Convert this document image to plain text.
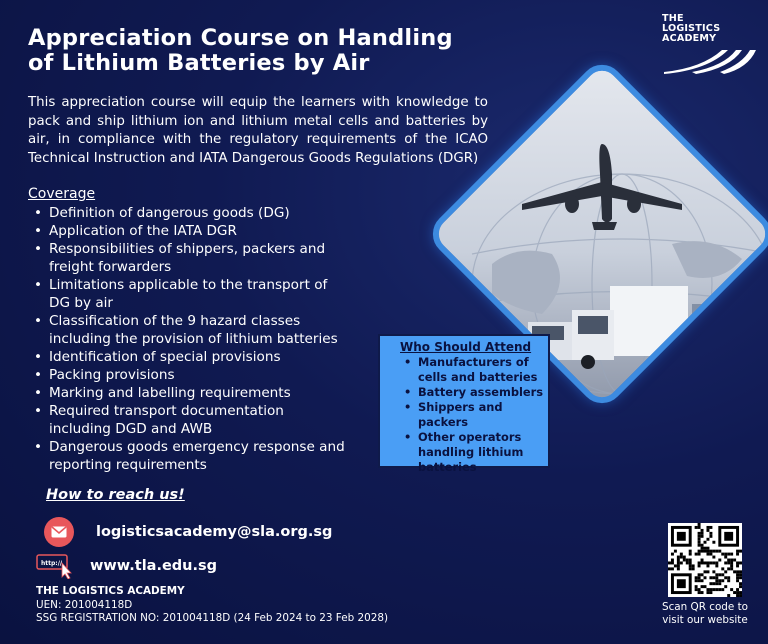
THE
LOGISTICS
ACADEMY
Appreciation Course on Handling of Lithium Batteries by Air

This appreciation course will equip the learners with knowledge to pack and ship lithium ion and lithium metal cells and batteries by air, in compliance with the regulatory requirements of the ICAO Technical Instruction and IATA Dangerous Goods Regulations (DGR)

Coverage
• Definition of dangerous goods (DG)
• Application of the IATA DGR
• Responsibilities of shippers, packers and freight forwarders
• Limitations applicable to the transport of DG by air
• Classification of the 9 hazard classes including the provision of lithium batteries
• Identification of special provisions
• Packing provisions
• Marking and labelling requirements
• Required transport documentation including DGD and AWB
• Dangerous goods emergency response and reporting requirements
Who Should Attend
• Manufacturers of cells and batteries
• Battery assemblers
• Shippers and packers
• Other operators handling lithium batteries
How to reach us!
logisticsacademy@sla.org.sg
http:// www.tla.edu.sg
THE LOGISTICS ACADEMY
UEN: 201004118D
SSG REGISTRATION NO: 201004118D (24 Feb 2024 to 23 Feb 2028)
Scan QR code to visit our website
